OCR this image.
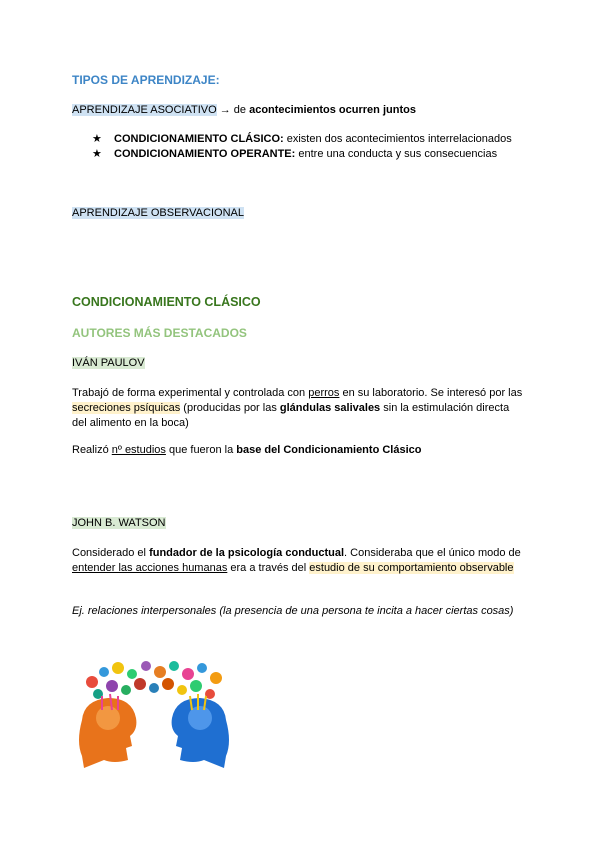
TIPOS DE APRENDIZAJE:

APRENDIZAJE ASOCIATIVO → de acontecimientos ocurren juntos

★	CONDICIONAMIENTO CLÁSICO: existen dos acontecimientos interrelacionados

★	CONDICIONAMIENTO OPERANTE: entre una conducta y sus consecuencias

APRENDIZAJE OBSERVACIONAL

CONDICIONAMIENTO CLÁSICO
AUTORES MÁS DESTACADOS

IVÁN PAULOV

Trabajó de forma experimental y controlada con perros en su laboratorio. Se interesó por las

secreciones psíquicas (producidas por las glándulas salivales sin la estimulación directa

del alimento en la boca)

Realizó nº estudios que fueron la base del Condicionamiento Clásico

JOHN B. WATSON

Considerado el fundador de la psicología conductual. Consideraba que el único modo de

entender las acciones humanas era a través del estudio de su comportamiento observable

Ej. relaciones interpersonales (la presencia de una persona te incita a hacer ciertas cosas)
